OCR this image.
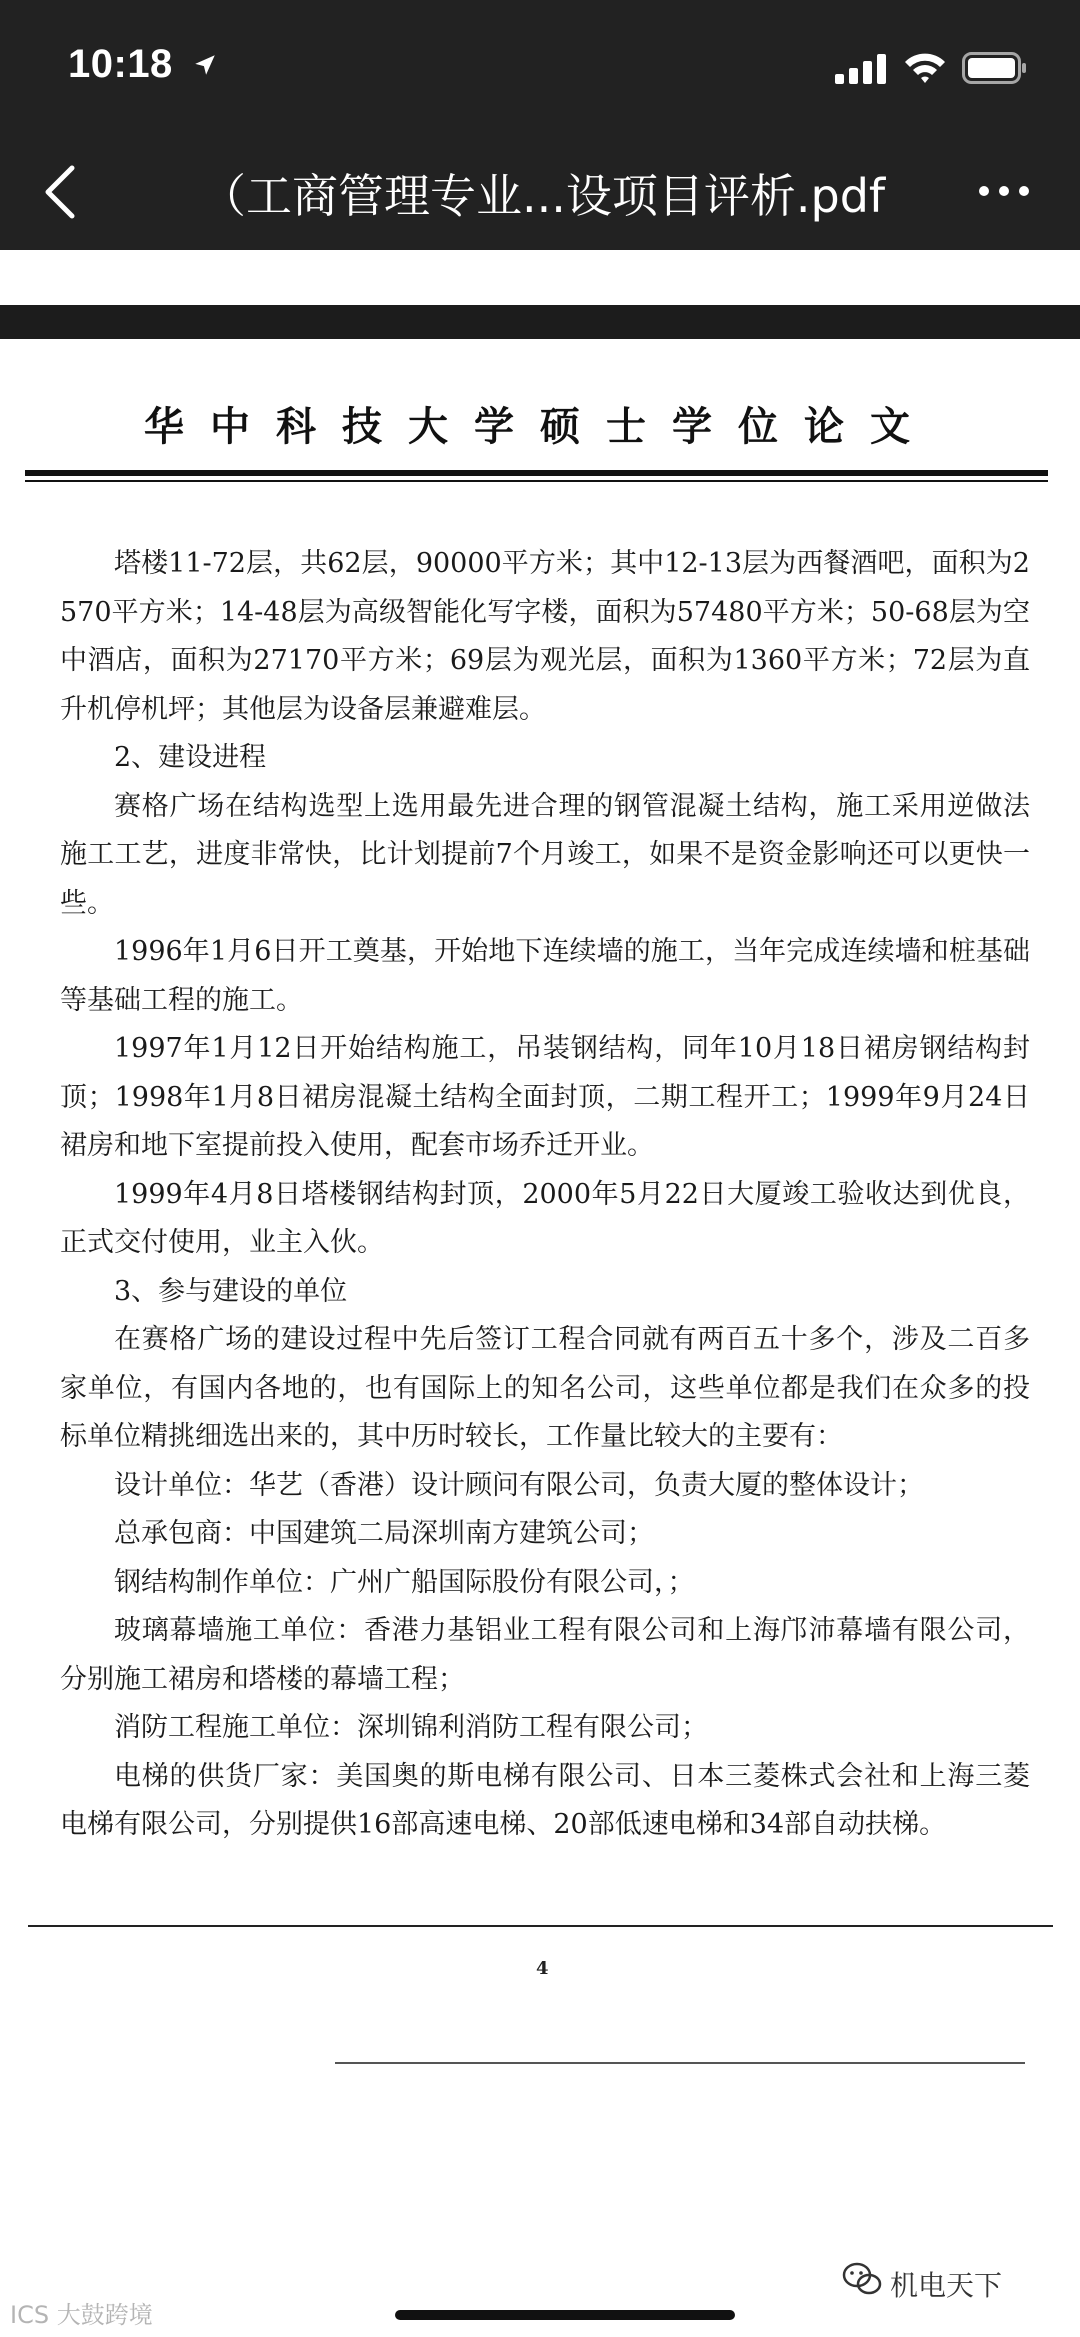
10:18
（工商管理专业...设项目评析.pdf
华中科技大学硕士学位论文

塔楼11-72层，共62层，90000平方米；其中12-13层为西餐酒吧，面积为2570平方米；14-48层为高级智能化写字楼，面积为57480平方米；50-68层为空中酒店，面积为27170平方米；69层为观光层，面积为1360平方米；72层为直升机停机坪；其他层为设备层兼避难层。

2、建设进程

赛格广场在结构选型上选用最先进合理的钢管混凝土结构，施工采用逆做法施工工艺，进度非常快，比计划提前7个月竣工，如果不是资金影响还可以更快一些。

1996年1月6日开工奠基，开始地下连续墙的施工，当年完成连续墙和桩基础等基础工程的施工。

1997年1月12日开始结构施工，吊装钢结构，同年10月18日裙房钢结构封顶；1998年1月8日裙房混凝土结构全面封顶，二期工程开工；1999年9月24日裙房和地下室提前投入使用，配套市场乔迁开业。

1999年4月8日塔楼钢结构封顶，2000年5月22日大厦竣工验收达到优良，正式交付使用，业主入伙。

3、参与建设的单位

在赛格广场的建设过程中先后签订工程合同就有两百五十多个，涉及二百多家单位，有国内各地的，也有国际上的知名公司，这些单位都是我们在众多的投标单位精挑细选出来的，其中历时较长，工作量比较大的主要有：

设计单位：华艺（香港）设计顾问有限公司，负责大厦的整体设计；

总承包商：中国建筑二局深圳南方建筑公司；

钢结构制作单位：广州广船国际股份有限公司，；

玻璃幕墙施工单位：香港力基铝业工程有限公司和上海邝沛幕墙有限公司，分别施工裙房和塔楼的幕墙工程；

消防工程施工单位：深圳锦利消防工程有限公司；

电梯的供货厂家：美国奥的斯电梯有限公司、日本三菱株式会社和上海三菱电梯有限公司，分别提供16部高速电梯、20部低速电梯和34部自动扶梯。

4
ICS 大鼓跨境
机电天下
